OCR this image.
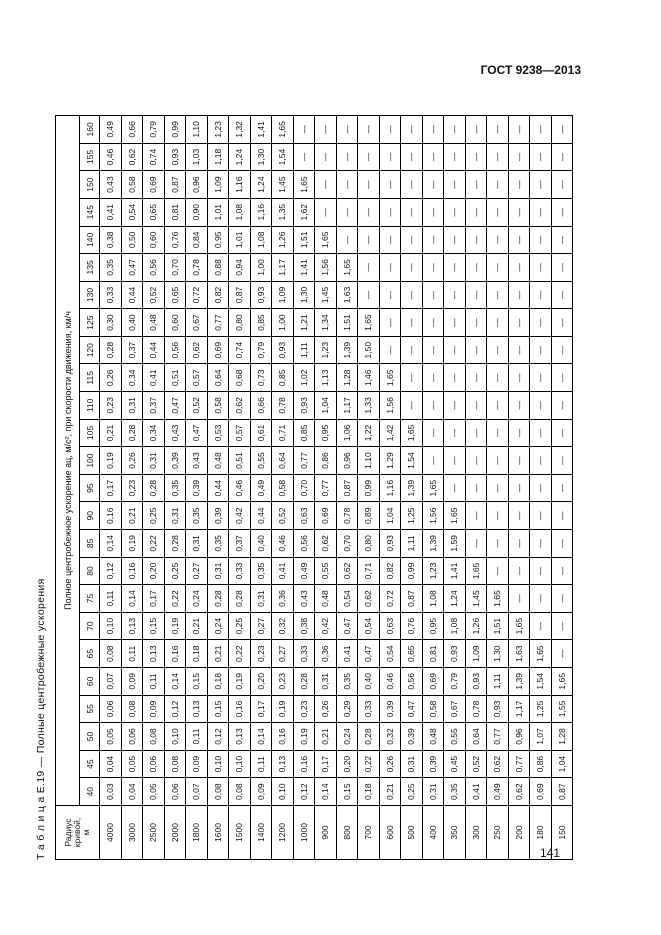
ГОСТ 9238—2013
Т а б л и ц а Е.19 — Полные центробежные ускорения Радиус
кривой,
м	Полное центробежное ускорение aц, м/с², при скорости движения, км/ч																								
	40	45	50	55	60	65	70	75	80	85	90	95	100	105	110	115	120	125	130	135	140	145	150	155	160
4000	0,03	0,04	0,05	0,06	0,07	0,08	0,10	0,11	0,12	0,14	0,16	0,17	0,19	0,21	0,23	0,26	0,28	0,30	0,33	0,35	0,38	0,41	0,43	0,46	0,49
3000	0,04	0,05	0,06	0,08	0,09	0,11	0,13	0,14	0,16	0,19	0,21	0,23	0,26	0,28	0,31	0,34	0,37	0,40	0,44	0,47	0,50	0,54	0,58	0,62	0,66
2500	0,05	0,06	0,08	0,09	0,11	0,13	0,15	0,17	0,20	0,22	0,25	0,28	0,31	0,34	0,37	0,41	0,44	0,48	0,52	0,56	0,60	0,65	0,69	0,74	0,79
2000	0,06	0,08	0,10	0,12	0,14	0,16	0,19	0,22	0,25	0,28	0,31	0,35	0,39	0,43	0,47	0,51	0,56	0,60	0,65	0,70	0,76	0,81	0,87	0,93	0,99
1800	0,07	0,09	0,11	0,13	0,15	0,18	0,21	0,24	0,27	0,31	0,35	0,39	0,43	0,47	0,52	0,57	0,62	0,67	0,72	0,78	0,84	0,90	0,96	1,03	1,10
1600	0,08	0,10	0,12	0,15	0,18	0,21	0,24	0,28	0,31	0,35	0,39	0,44	0,48	0,53	0,58	0,64	0,69	0,77	0,82	0,88	0,95	1,01	1,09	1,18	1,23
1500	0,08	0,10	0,13	0,16	0,19	0,22	0,25	0,28	0,33	0,37	0,42	0,46	0,51	0,57	0,62	0,68	0,74	0,80	0,87	0,94	1,01	1,08	1,16	1,24	1,32
1400	0,09	0,11	0,14	0,17	0,20	0,23	0,27	0,31	0,35	0,40	0,44	0,49	0,55	0,61	0,66	0,73	0,79	0,85	0,93	1,00	1,08	1,16	1,24	1,30	1,41
1200	0,10	0,13	0,16	0,19	0,23	0,27	0,32	0,36	0,41	0,46	0,52	0,58	0,64	0,71	0,78	0,85	0,93	1,00	1,09	1,17	1,26	1,35	1,45	1,54	1,65
1000	0,12	0,16	0,19	0,23	0,28	0,33	0,38	0,43	0,49	0,56	0,63	0,70	0,77	0,85	0,93	1,02	1,11	1,21	1,30	1,41	1,51	1,62	1,65	—	—
900	0,14	0,17	0,21	0,26	0,31	0,36	0,42	0,48	0,55	0,62	0,69	0,77	0,86	0,95	1,04	1,13	1,23	1,34	1,45	1,56	1,65	—	—	—	—
800	0,15	0,20	0,24	0,29	0,35	0,41	0,47	0,54	0,62	0,70	0,78	0,87	0,96	1,06	1,17	1,28	1,39	1,51	1,63	1,65	—	—	—	—	—
700	0,18	0,22	0,28	0,33	0,40	0,47	0,54	0,62	0,71	0,80	0,89	0,99	1,10	1,22	1,33	1,46	1,50	1,65	—	—	—	—	—	—	—
600	0,21	0,26	0,32	0,39	0,46	0,54	0,63	0,72	0,82	0,93	1,04	1,16	1,29	1,42	1,56	1,65	—	—	—	—	—	—	—	—	—
500	0,25	0,31	0,39	0,47	0,56	0,65	0,76	0,87	0,99	1,11	1,25	1,39	1,54	1,65	—	—	—	—	—	—	—	—	—	—	—
400	0,31	0,39	0,48	0,58	0,69	0,81	0,95	1,08	1,23	1,39	1,56	1,65	—	—	—	—	—	—	—	—	—	—	—	—	—
350	0,35	0,45	0,55	0,67	0,79	0,93	1,08	1,24	1,41	1,59	1,65	—	—	—	—	—	—	—	—	—	—	—	—	—	—
300	0,41	0,52	0,64	0,78	0,93	1,09	1,26	1,45	1,65	—	—	—	—	—	—	—	—	—	—	—	—	—	—	—	—
250	0,49	0,62	0,77	0,93	1,11	1,30	1,51	1,65	—	—	—	—	—	—	—	—	—	—	—	—	—	—	—	—	—
200	0,62	0,77	0,96	1,17	1,39	1,63	1,65	—	—	—	—	—	—	—	—	—	—	—	—	—	—	—	—	—	—
180	0,69	0,86	1,07	1,25	1,54	1,65	—	—	—	—	—	—	—	—	—	—	—	—	—	—	—	—	—	—	—
150	0,87	1,04	1,28	1,55	1,65	—	—	—	—	—	—	—	—	—	—	—	—	—	—	—	—	—	—	—	—
141
